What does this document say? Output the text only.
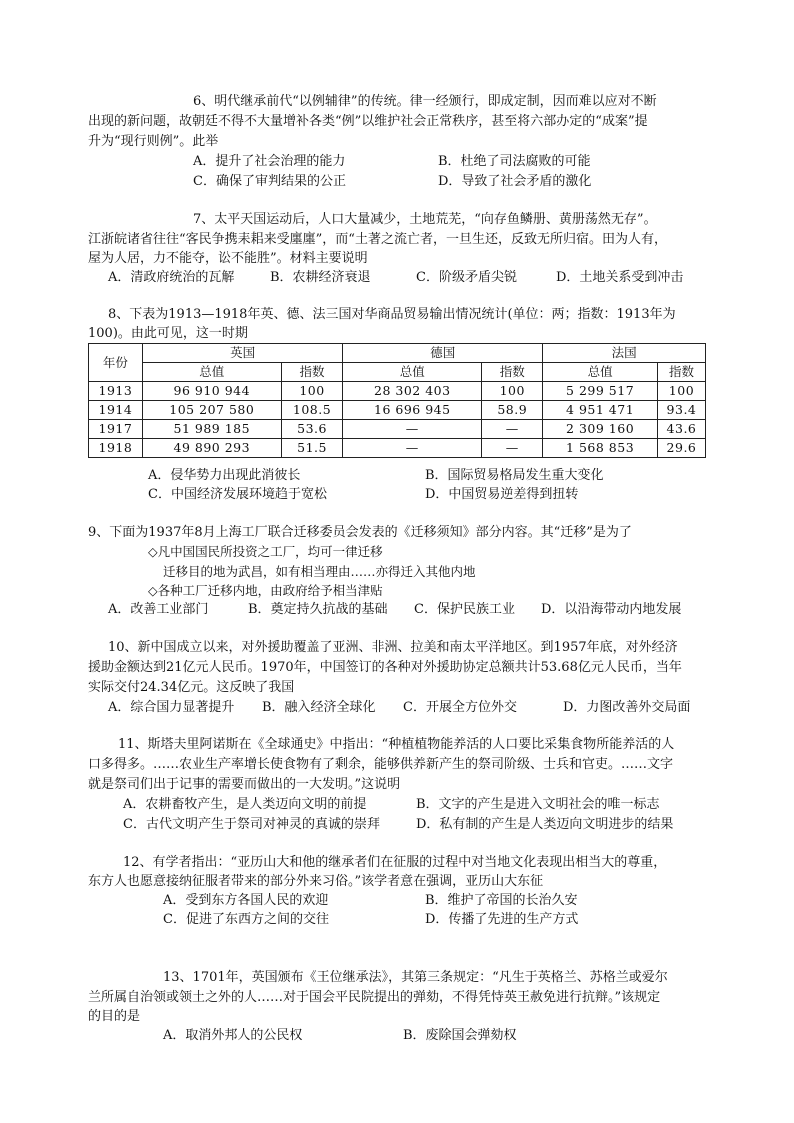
6、明代继承前代“以例辅律”的传统。律一经颁行，即成定制，因而难以应对不断
出现的新问题，故朝廷不得不大量增补各类“例”以维护社会正常秩序，甚至将六部办定的“成案”提
升为“现行则例”。此举
A．提升了社会治理的能力	B．杜绝了司法腐败的可能
C．确保了审判结果的公正	D．导致了社会矛盾的激化
7、太平天国运动后，人口大量减少，土地荒芜，“向存鱼鳞册、黄册荡然无存”。
江浙皖诸省往往“客民争携耒耜来受廛廛”，而“土著之流亡者，一旦生还，反致无所归宿。田为人有，
屋为人居，力不能夺，讼不能胜”。材料主要说明
A．清政府统治的瓦解	B．农耕经济衰退	C．阶级矛盾尖锐	D．土地关系受到冲击
8、下表为1913—1918年英、德、法三国对华商品贸易输出情况统计(单位：两；指数：1913年为
100)。由此可见，这一时期
年份	英国		德国		法国	
	总值	指数	总值	指数	总值	指数
1913	96 910 944	100	28 302 403	100	5 299 517	100
1914	105 207 580	108.5	16 696 945	58.9	4 951 471	93.4
1917	51 989 185	53.6	—	—	2 309 160	43.6
1918	49 890 293	51.5	—	—	1 568 853	29.6
A．侵华势力出现此消彼长	B．国际贸易格局发生重大变化
C．中国经济发展环境趋于宽松	D．中国贸易逆差得到扭转
9、下面为1937年8月上海工厂联合迁移委员会发表的《迁移须知》部分内容。其“迁移”是为了
◇凡中国国民所投资之工厂，均可一律迁移
迁移目的地为武昌，如有相当理由……亦得迁入其他内地
◇各种工厂迁移内地，由政府给予相当津贴
A．改善工业部门	B．奠定持久抗战的基础 C．保护民族工业 D．以沿海带动内地发展
10、新中国成立以来，对外援助覆盖了亚洲、非洲、拉美和南太平洋地区。到1957年底，对外经济
援助金额达到21亿元人民币。1970年，中国签订的各种对外援助协定总额共计53.68亿元人民币，当年
实际交付24.34亿元。这反映了我国
A．综合国力显著提升 B．融入经济全球化 C．开展全方位外交	D．力图改善外交局面
11、斯塔夫里阿诺斯在《全球通史》中指出：“种植植物能养活的人口要比采集食物所能养活的人
口多得多。……农业生产率增长使食物有了剩余，能够供养新产生的祭司阶级、士兵和官吏。……文字
就是祭司们出于记事的需要而做出的一大发明。”这说明
A．农耕畜牧产生，是人类迈向文明的前提	B．文字的产生是进入文明社会的唯一标志
C．古代文明产生于祭司对神灵的真诚的崇拜	D．私有制的产生是人类迈向文明进步的结果
12、有学者指出：“亚历山大和他的继承者们在征服的过程中对当地文化表现出相当大的尊重，
东方人也愿意接纳征服者带来的部分外来习俗。”该学者意在强调，亚历山大东征
A．受到东方各国人民的欢迎	B．维护了帝国的长治久安
C．促进了东西方之间的交往	D．传播了先进的生产方式
13、1701年，英国颁布《王位继承法》，其第三条规定：“凡生于英格兰、苏格兰或爱尔
兰所属自治领或领土之外的人……对于国会平民院提出的弹劾，不得凭恃英王赦免进行抗辩。”该规定
的目的是
A．取消外邦人的公民权	B．废除国会弹劾权
